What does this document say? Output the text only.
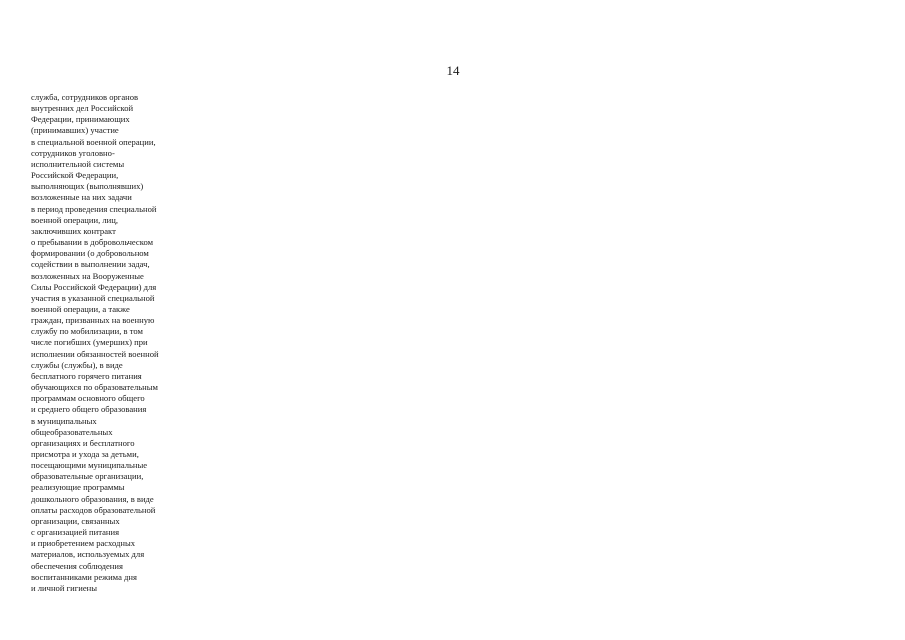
14
служба, сотрудников органов
внутренних дел Российской
Федерации, принимающих
(принимавших) участие
в специальной военной операции,
сотрудников уголовно-
исполнительной системы
Российской Федерации,
выполняющих (выполнявших)
возложенные на них задачи
в период проведения специальной
военной операции, лиц,
заключивших контракт
о пребывании в добровольческом
формировании (о добровольном
содействии в выполнении задач,
возложенных на Вооруженные
Силы Российской Федерации) для
участия в указанной специальной
военной операции, а также
граждан, призванных на военную
службу по мобилизации, в том
числе погибших (умерших) при
исполнении обязанностей военной
службы (службы), в виде
бесплатного горячего питания
обучающихся по образовательным
программам основного общего
и среднего общего образования
в муниципальных
общеобразовательных
организациях и бесплатного
присмотра и ухода за детьми,
посещающими муниципальные
образовательные организации,
реализующие программы
дошкольного образования, в виде
оплаты расходов образовательной
организации, связанных
с организацией питания
и приобретением расходных
материалов, используемых для
обеспечения соблюдения
воспитанниками режима дня
и личной гигиены
